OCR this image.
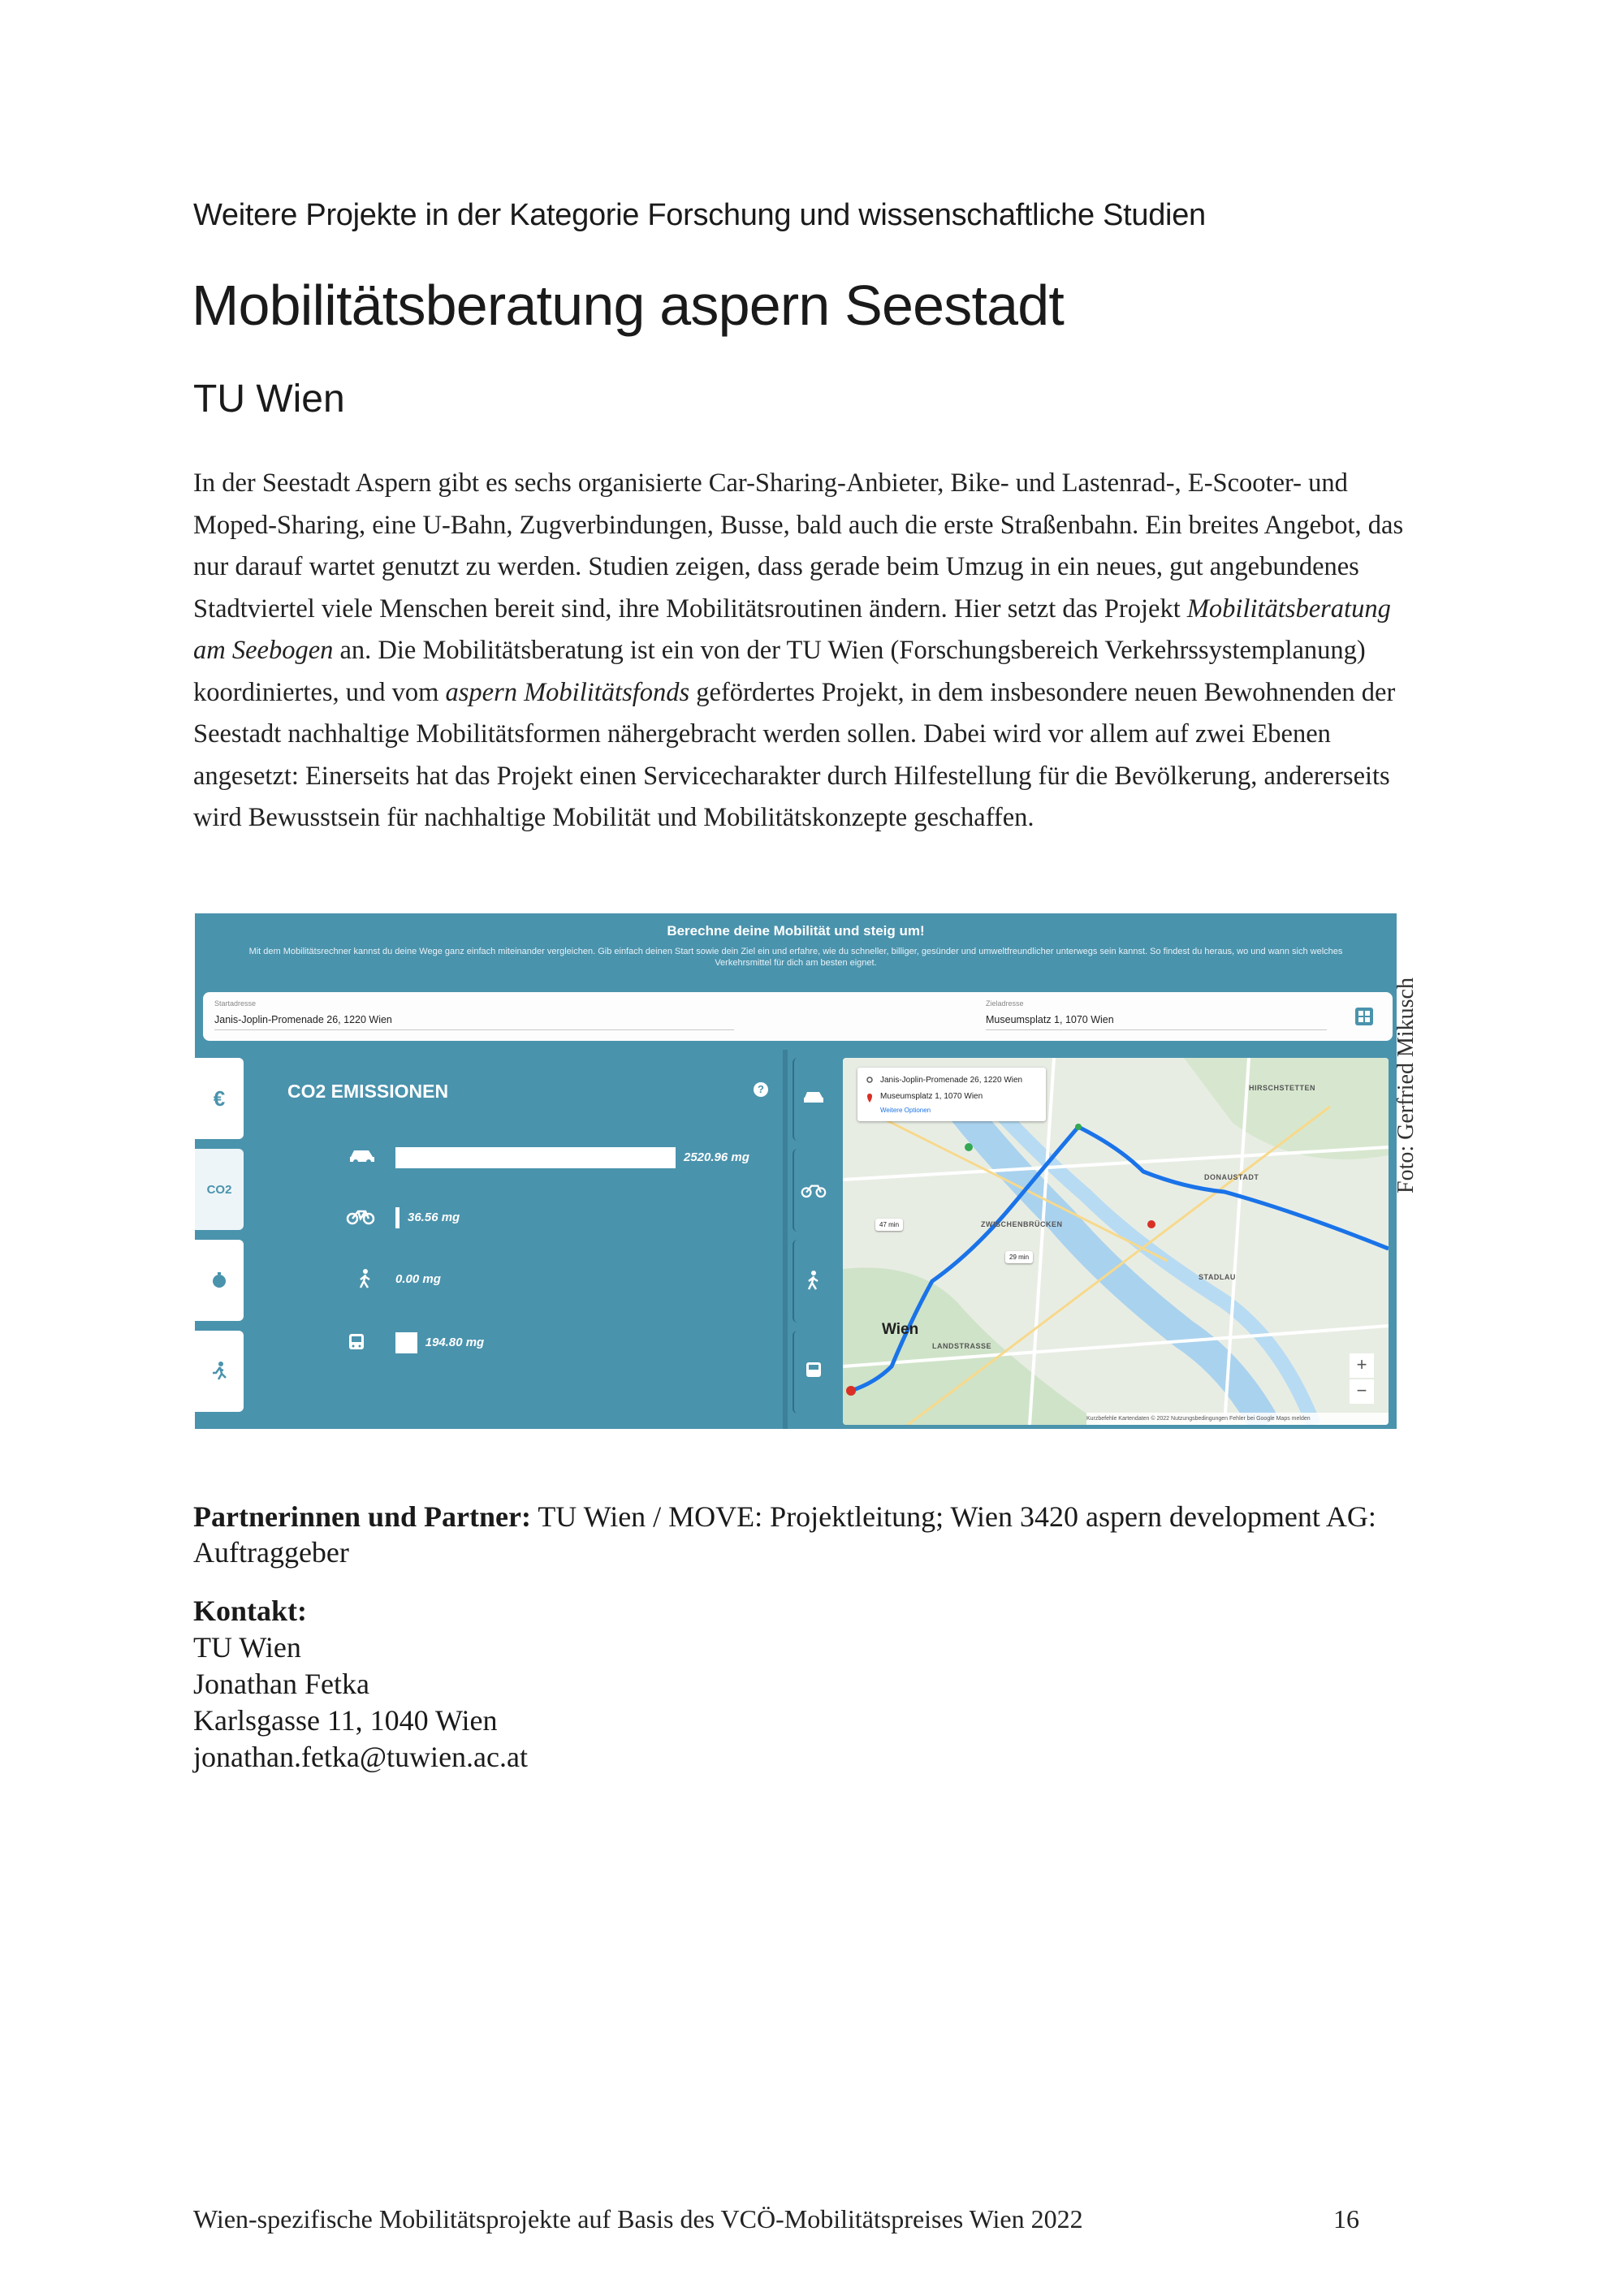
Weitere Projekte in der Kategorie Forschung und wissenschaftliche Studien
Mobilitätsberatung aspern Seestadt
TU Wien

In der Seestadt Aspern gibt es sechs organisierte Car-Sharing-Anbieter, Bike- und Lastenrad-, E-Scooter- und Moped-Sharing, eine U-Bahn, Zugverbindungen, Busse, bald auch die erste Straßenbahn. Ein breites Angebot, das nur darauf wartet genutzt zu werden. Studien zeigen, dass gerade beim Umzug in ein neues, gut angebundenes Stadtviertel viele Menschen bereit sind, ihre Mobilitätsroutinen ändern. Hier setzt das Projekt Mobilitätsberatung am Seebogen an. Die Mobilitätsberatung ist ein von der TU Wien (Forschungsbereich Verkehrssystemplanung) koordiniertes, und vom aspern Mobilitätsfonds gefördertes Projekt, in dem insbesondere neuen Bewohnenden der Seestadt nachhaltige Mobilitätsformen nähergebracht werden sollen. Dabei wird vor allem auf zwei Ebenen angesetzt: Einerseits hat das Projekt einen Servicecharakter durch Hilfestellung für die Bevölkerung, andererseits wird Bewusstsein für nachhaltige Mobilität und Mobilitätskonzepte geschaffen.

Berechne deine Mobilität und steig um!
Mit dem Mobilitätsrechner kannst du deine Wege ganz einfach miteinander vergleichen. Gib einfach deinen Start sowie dein Ziel ein und erfahre, wie du schneller, billiger, gesünder und umweltfreundlicher unterwegs sein kannst. So findest du heraus, wo und wann sich welches Verkehrsmittel für dich am besten eignet.
Startadresse
Janis-Joplin-Promenade 26, 1220 Wien
Zieladresse
Museumsplatz 1, 1070 Wien
€
CO2
CO2 EMISSIONEN	?
2520.96 mg
36.56 mg
0.00 mg
194.80 mg
Janis-Joplin-Promenade 26, 1220 Wien
Museumsplatz 1, 1070 Wien
Weitere Optionen
HIRSCHSTETTEN
DONAUSTADT
ZWISCHENBRÜCKEN
STADLAU
LANDSTRASSE
Wien
47 min
29 min
+
−
Kurzbefehle Kartendaten © 2022 Nutzungsbedingungen Fehler bei Google Maps melden
Foto: Gerfried Mikusch

Partnerinnen und Partner: TU Wien / MOVE: Projektleitung; Wien 3420 aspern development AG: Auftraggeber

Kontakt:
TU Wien
Jonathan Fetka
Karlsgasse 11, 1040 Wien
jonathan.fetka@tuwien.ac.at
Wien-spezifische Mobilitätsprojekte auf Basis des VCÖ-Mobilitätspreises Wien 2022	16
